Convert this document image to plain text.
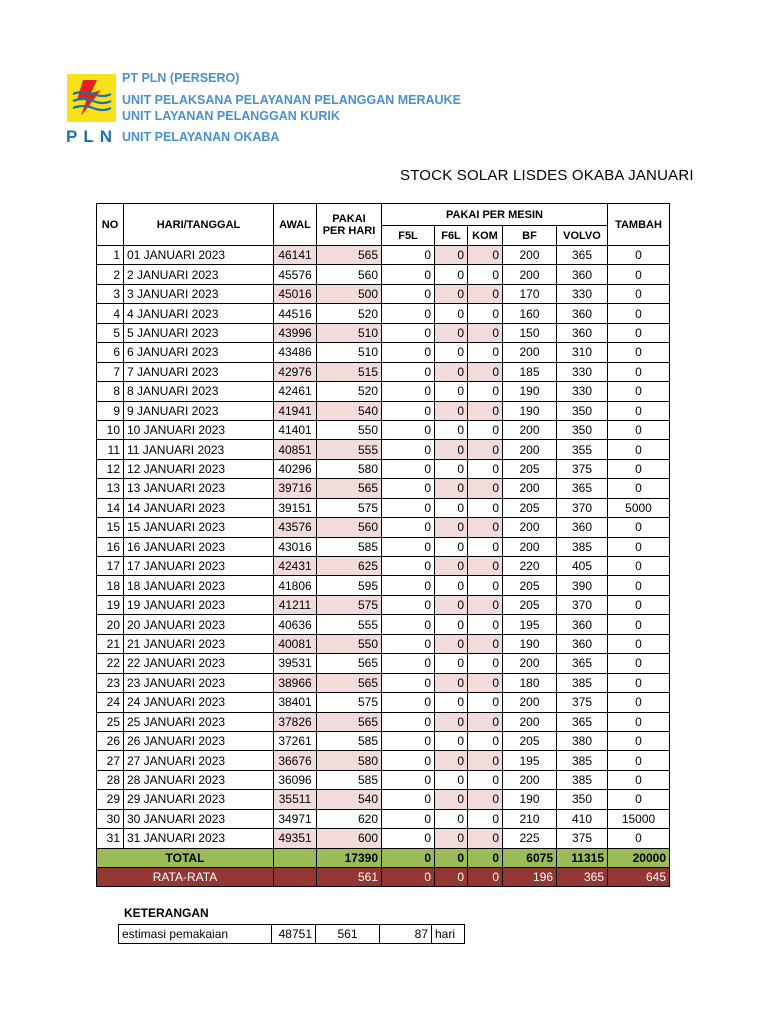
PLN
PT PLN (PERSERO)
UNIT PELAKSANA PELAYANAN PELANGGAN MERAUKE
UNIT LAYANAN PELANGGAN KURIK
UNIT PELAYANAN OKABA
STOCK SOLAR LISDES OKABA JANUARI
NO	HARI/TANGGAL	AWAL	PAKAI PER HARI	PAKAI PER MESIN					TAMBAH
				F5L	F6L	KOM	BF	VOLVO	
1	01 JANUARI 2023	46141	565	0	0	0	200	365	0
2	2 JANUARI 2023	45576	560	0	0	0	200	360	0
3	3 JANUARI 2023	45016	500	0	0	0	170	330	0
4	4 JANUARI 2023	44516	520	0	0	0	160	360	0
5	5 JANUARI 2023	43996	510	0	0	0	150	360	0
6	6 JANUARI 2023	43486	510	0	0	0	200	310	0
7	7 JANUARI 2023	42976	515	0	0	0	185	330	0
8	8 JANUARI 2023	42461	520	0	0	0	190	330	0
9	9 JANUARI 2023	41941	540	0	0	0	190	350	0
10	10 JANUARI 2023	41401	550	0	0	0	200	350	0
11	11 JANUARI 2023	40851	555	0	0	0	200	355	0
12	12 JANUARI 2023	40296	580	0	0	0	205	375	0
13	13 JANUARI 2023	39716	565	0	0	0	200	365	0
14	14 JANUARI 2023	39151	575	0	0	0	205	370	5000
15	15 JANUARI 2023	43576	560	0	0	0	200	360	0
16	16 JANUARI 2023	43016	585	0	0	0	200	385	0
17	17 JANUARI 2023	42431	625	0	0	0	220	405	0
18	18 JANUARI 2023	41806	595	0	0	0	205	390	0
19	19 JANUARI 2023	41211	575	0	0	0	205	370	0
20	20 JANUARI 2023	40636	555	0	0	0	195	360	0
21	21 JANUARI 2023	40081	550	0	0	0	190	360	0
22	22 JANUARI 2023	39531	565	0	0	0	200	365	0
23	23 JANUARI 2023	38966	565	0	0	0	180	385	0
24	24 JANUARI 2023	38401	575	0	0	0	200	375	0
25	25 JANUARI 2023	37826	565	0	0	0	200	365	0
26	26 JANUARI 2023	37261	585	0	0	0	205	380	0
27	27 JANUARI 2023	36676	580	0	0	0	195	385	0
28	28 JANUARI 2023	36096	585	0	0	0	200	385	0
29	29 JANUARI 2023	35511	540	0	0	0	190	350	0
30	30 JANUARI 2023	34971	620	0	0	0	210	410	15000
31	31 JANUARI 2023	49351	600	0	0	0	225	375	0
TOTAL			17390	0	0	0	6075	11315	20000
RATA-RATA			561	0	0	0	196	365	645
KETERANGAN
estimasi pemakaian	48751	561	87	hari
